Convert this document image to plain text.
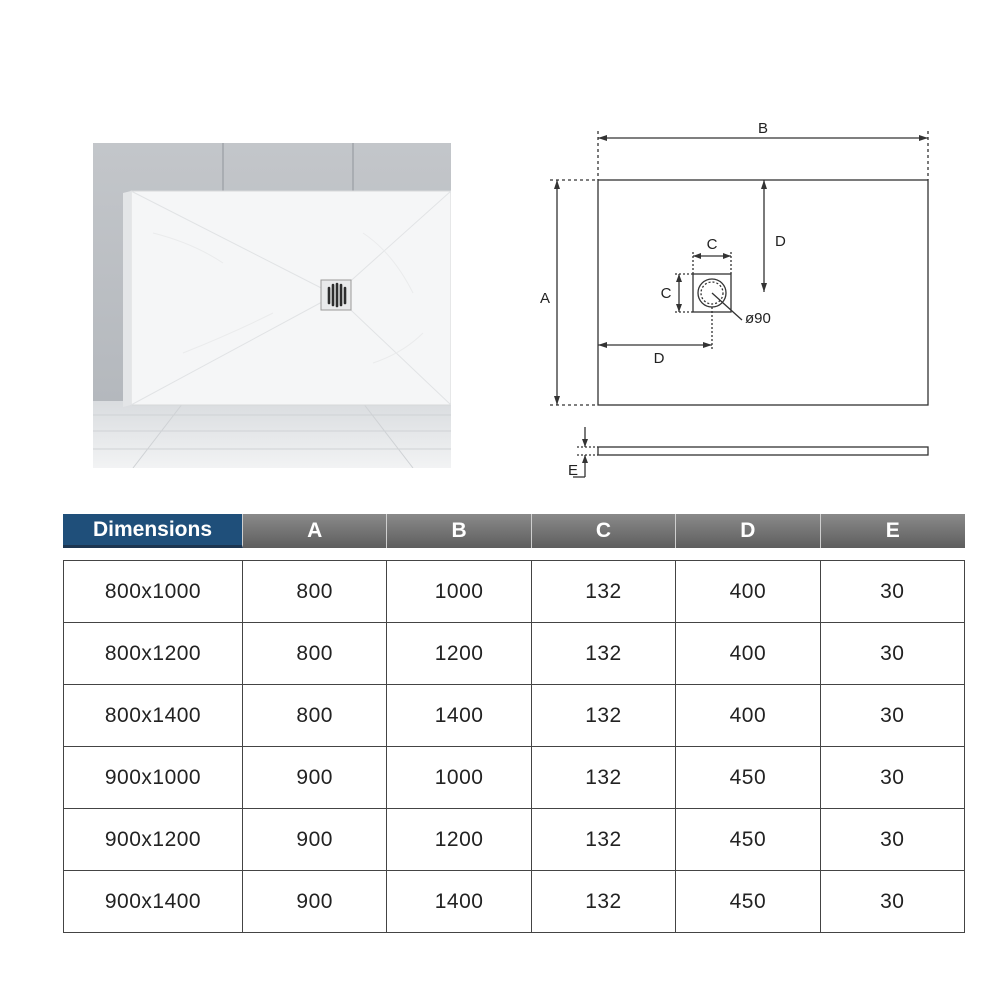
B
A
D
C
C
D
ø90
E
Dimensions	A	B	C	D	E
800x1000	800	1000	132	400	30
800x1200	800	1200	132	400	30
800x1400	800	1400	132	400	30
900x1000	900	1000	132	450	30
900x1200	900	1200	132	450	30
900x1400	900	1400	132	450	30
